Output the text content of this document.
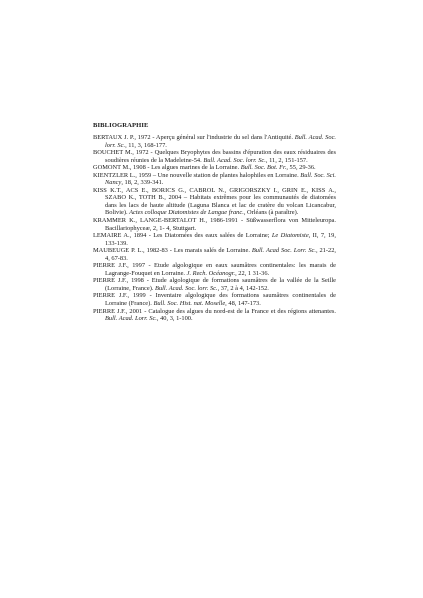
BIBLIOGRAPHIE
BERTAUX J. P., 1972 - Aperçu général sur l'industrie du sel dans l'Antiquité. Bull. Acad. Soc. lorr. Sc., 11, 3, 168-177.
BOUCHET M., 1972 - Quelques Bryophytes des bassins d'épuration des eaux résiduaires des soudières réunies de la Madeleine-54. Bull. Acad. Soc. lorr. Sc., 11, 2, 151-157.
GOMONT M., 1908 - Les algues marines de la Lorraine. Bull. Soc. Bot. Fr., 55, 29-36.
KIENTZLER L., 1959 – Une nouvelle station de plantes halophiles en Lorraine. Bull. Soc. Sci. Nancy, 18, 2, 339-341.
KISS K.T., ACS E., BORICS G., CABROL N., GRIGORSZKY I., GRIN E., KISS A., SZABO K., TOTH B., 2004 – Habitats extrêmes pour les communautés de diatomées dans les lacs de haute altitude (Laguna Blanca et lac de cratère du volcan Licancabur, Bolivie). Actes colloque Diatomistes de Langue franc., Orléans (à paraître).
KRAMMER K., LANGE-BERTALOT H., 1986-1991 - Süßwasserflora von Mitteleuropa. Bacillariophyceæ, 2, 1- 4, Stuttgart.
LEMAIRE A., 1894 - Les Diatomées des eaux salées de Lorraine; Le Diatomiste, II, 7, 19, 133-139.
MAUBEUGE P. L., 1982-83 - Les marais salés de Lorraine. Bull. Acad Soc. Lorr. Sc., 21-22, 4, 67-83.
PIERRE J.F., 1997 - Etude algologique en eaux saumâtres continentales: les marais de Lagrange-Fouquet en Lorraine. J. Rech. Océanogr., 22, 1 31-36.
PIERRE J.F., 1998 - Etude algologique de formations saumâtres de la vallée de la Seille (Lorraine, France). Bull. Acad. Soc. lorr. Sc., 37, 2 à 4, 142-152.
PIERRE J.F., 1999 - Inventaire algologique des formations saumâtres continentales de Lorraine (France). Bull. Soc. Hist. nat. Moselle, 48, 147-173.
PIERRE J.F., 2001 - Catalogue des algues du nord-est de la France et des régions attenantes. Bull. Acad. Lorr. Sc., 40, 3, 1-100.
